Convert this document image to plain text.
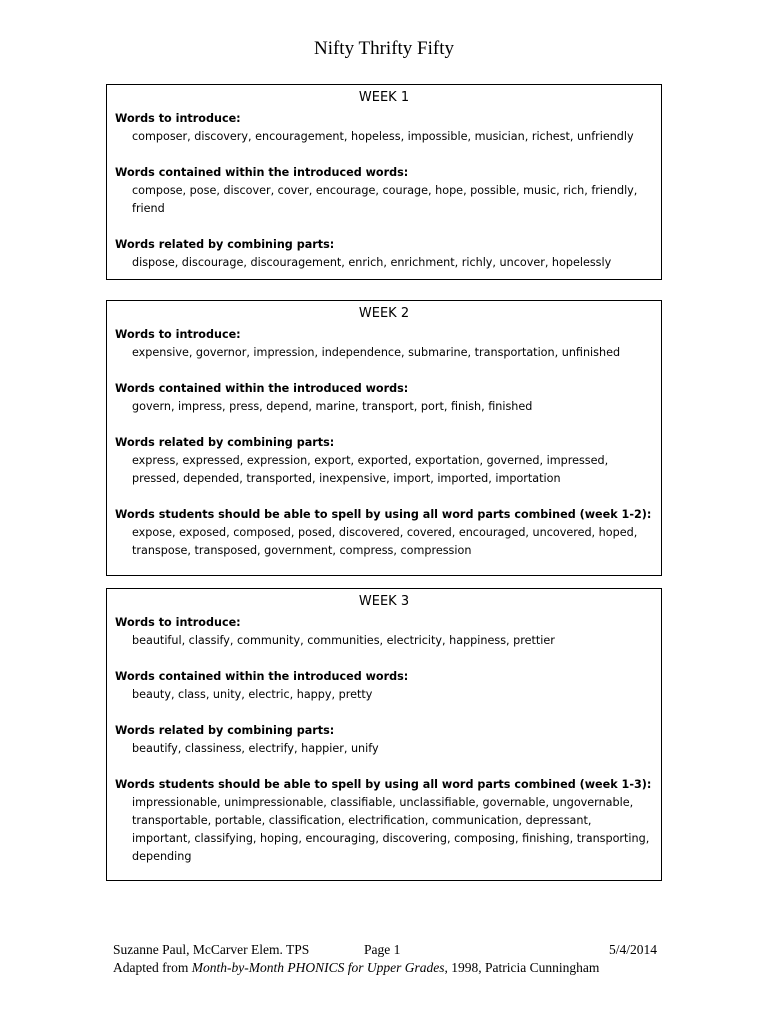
Nifty Thrifty Fifty
WEEK 1
Words to introduce:
composer, discovery, encouragement, hopeless, impossible, musician, richest, unfriendly
Words contained within the introduced words:
compose, pose, discover, cover, encourage, courage, hope, possible, music, rich, friendly, friend
Words related by combining parts:
dispose, discourage, discouragement, enrich, enrichment, richly, uncover, hopelessly
WEEK 2
Words to introduce:
expensive, governor, impression, independence, submarine, transportation, unfinished
Words contained within the introduced words:
govern, impress, press, depend, marine, transport, port, finish, finished
Words related by combining parts:
express, expressed, expression, export, exported, exportation, governed, impressed, pressed, depended, transported, inexpensive, import, imported, importation
Words students should be able to spell by using all word parts combined (week 1-2):
expose, exposed, composed, posed, discovered, covered, encouraged, uncovered, hoped, transpose, transposed, government, compress, compression
WEEK 3
Words to introduce:
beautiful, classify, community, communities, electricity, happiness, prettier
Words contained within the introduced words:
beauty, class, unity, electric, happy, pretty
Words related by combining parts:
beautify, classiness, electrify, happier, unify
Words students should be able to spell by using all word parts combined (week 1-3):
impressionable, unimpressionable, classifiable, unclassifiable, governable, ungovernable, transportable, portable, classification, electrification, communication, depressant, important, classifying, hoping, encouraging, discovering, composing, finishing, transporting, depending
Suzanne Paul, McCarver Elem. TPS	Page 1	5/4/2014
Adapted from Month-by-Month PHONICS for Upper Grades, 1998, Patricia Cunningham
